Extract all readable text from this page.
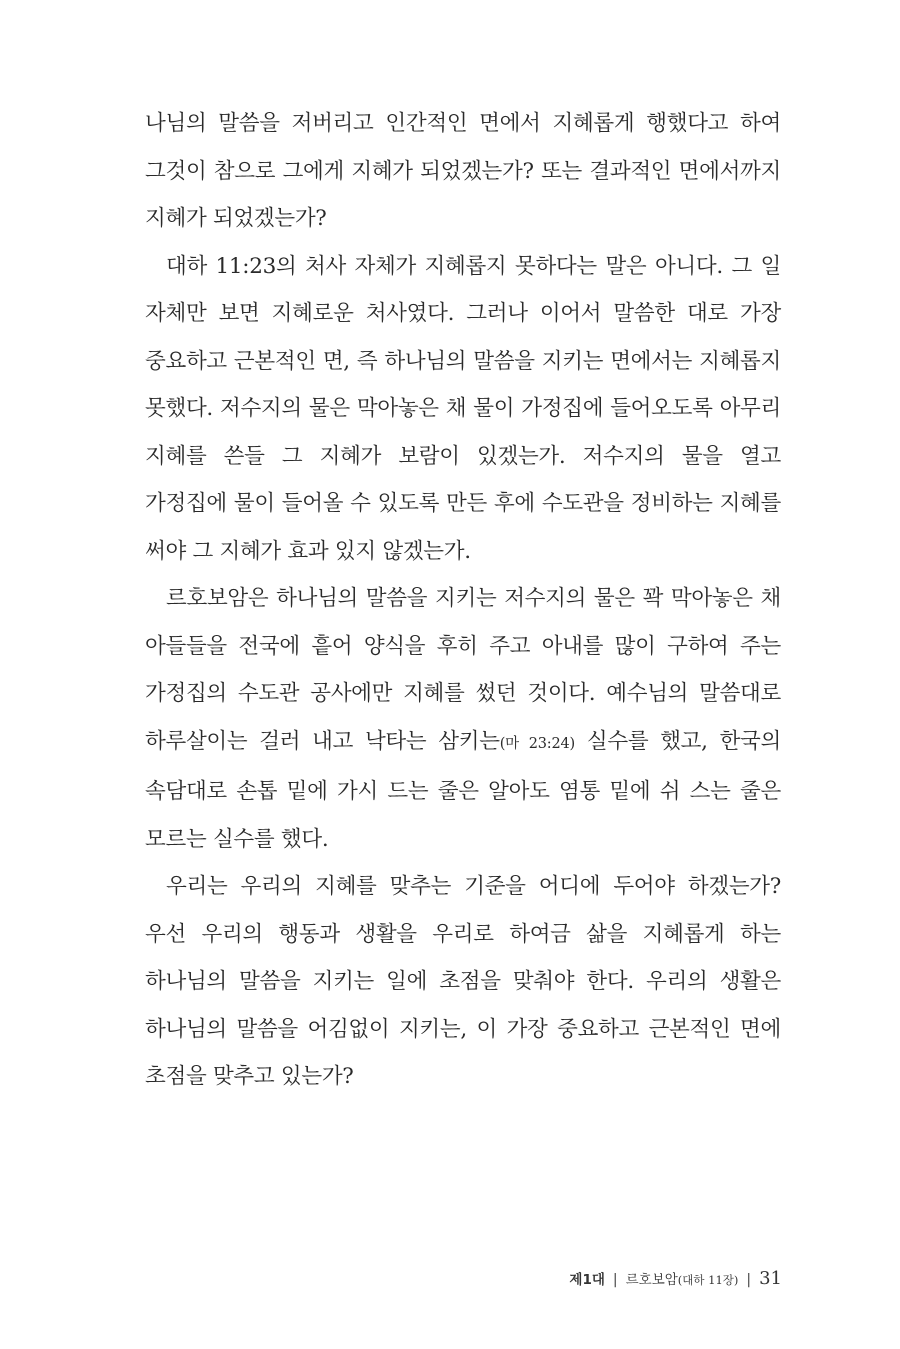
나님의 말씀을 저버리고 인간적인 면에서 지혜롭게 행했다고 하여 그것이 참으로 그에게 지혜가 되었겠는가? 또는 결과적인 면에서까지 지혜가 되었겠는가?

대하 11:23의 처사 자체가 지혜롭지 못하다는 말은 아니다. 그 일 자체만 보면 지혜로운 처사였다. 그러나 이어서 말씀한 대로 가장 중요하고 근본적인 면, 즉 하나님의 말씀을 지키는 면에서는 지혜롭지 못했다. 저수지의 물은 막아놓은 채 물이 가정집에 들어오도록 아무리 지혜를 쓴들 그 지혜가 보람이 있겠는가. 저수지의 물을 열고 가정집에 물이 들어올 수 있도록 만든 후에 수도관을 정비하는 지혜를 써야 그 지혜가 효과 있지 않겠는가.

르호보암은 하나님의 말씀을 지키는 저수지의 물은 꽉 막아놓은 채 아들들을 전국에 흩어 양식을 후히 주고 아내를 많이 구하여 주는 가정집의 수도관 공사에만 지혜를 썼던 것이다. 예수님의 말씀대로 하루살이는 걸러 내고 낙타는 삼키는(마 23:24) 실수를 했고, 한국의 속담대로 손톱 밑에 가시 드는 줄은 알아도 염통 밑에 쉬 스는 줄은 모르는 실수를 했다.

우리는 우리의 지혜를 맞추는 기준을 어디에 두어야 하겠는가? 우선 우리의 행동과 생활을 우리로 하여금 삶을 지혜롭게 하는 하나님의 말씀을 지키는 일에 초점을 맞춰야 한다. 우리의 생활은 하나님의 말씀을 어김없이 지키는, 이 가장 중요하고 근본적인 면에 초점을 맞추고 있는가?

제1대 | 르호보암(대하 11장) | 31
